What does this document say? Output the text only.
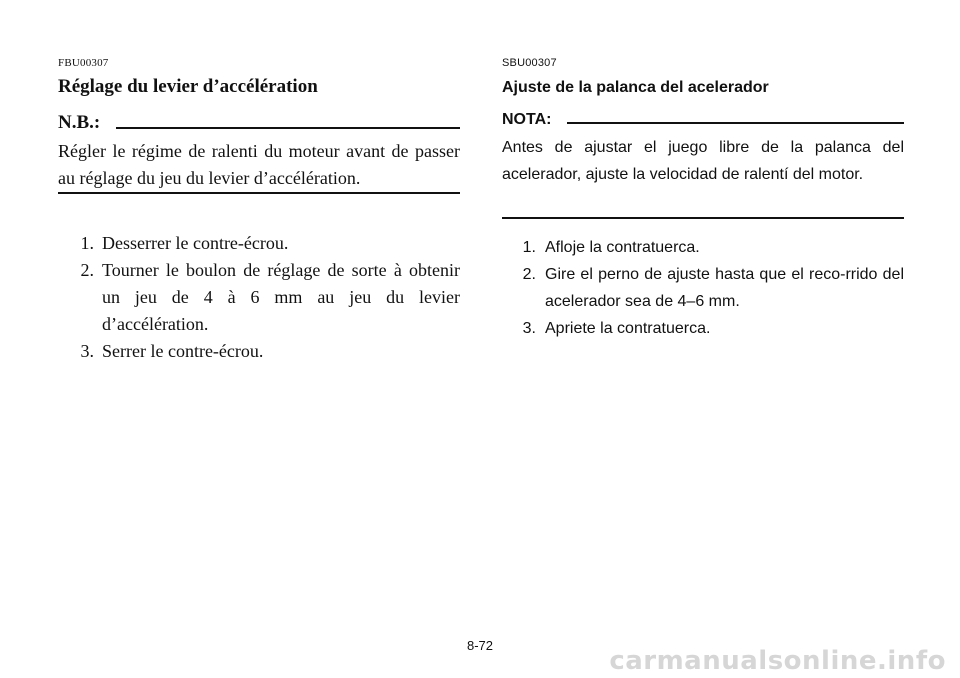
FBU00307
Réglage du levier d’accélération
N.B.:
Régler le régime de ralenti du moteur avant de passer au réglage du jeu du levier d’accélération.
1. Desserrer le contre-écrou.
2. Tourner le boulon de réglage de sorte à obtenir un jeu de 4 à 6 mm au jeu du levier d’accélération.
3. Serrer le contre-écrou.
SBU00307
Ajuste de la palanca del acelerador
NOTA:
Antes de ajustar el juego libre de la palanca del acelerador, ajuste la velocidad de ralentí del motor.
1. Afloje la contratuerca.
2. Gire el perno de ajuste hasta que el reco-rrido del acelerador sea de 4–6 mm.
3. Apriete la contratuerca.
8-72
carmanualsonline.info
